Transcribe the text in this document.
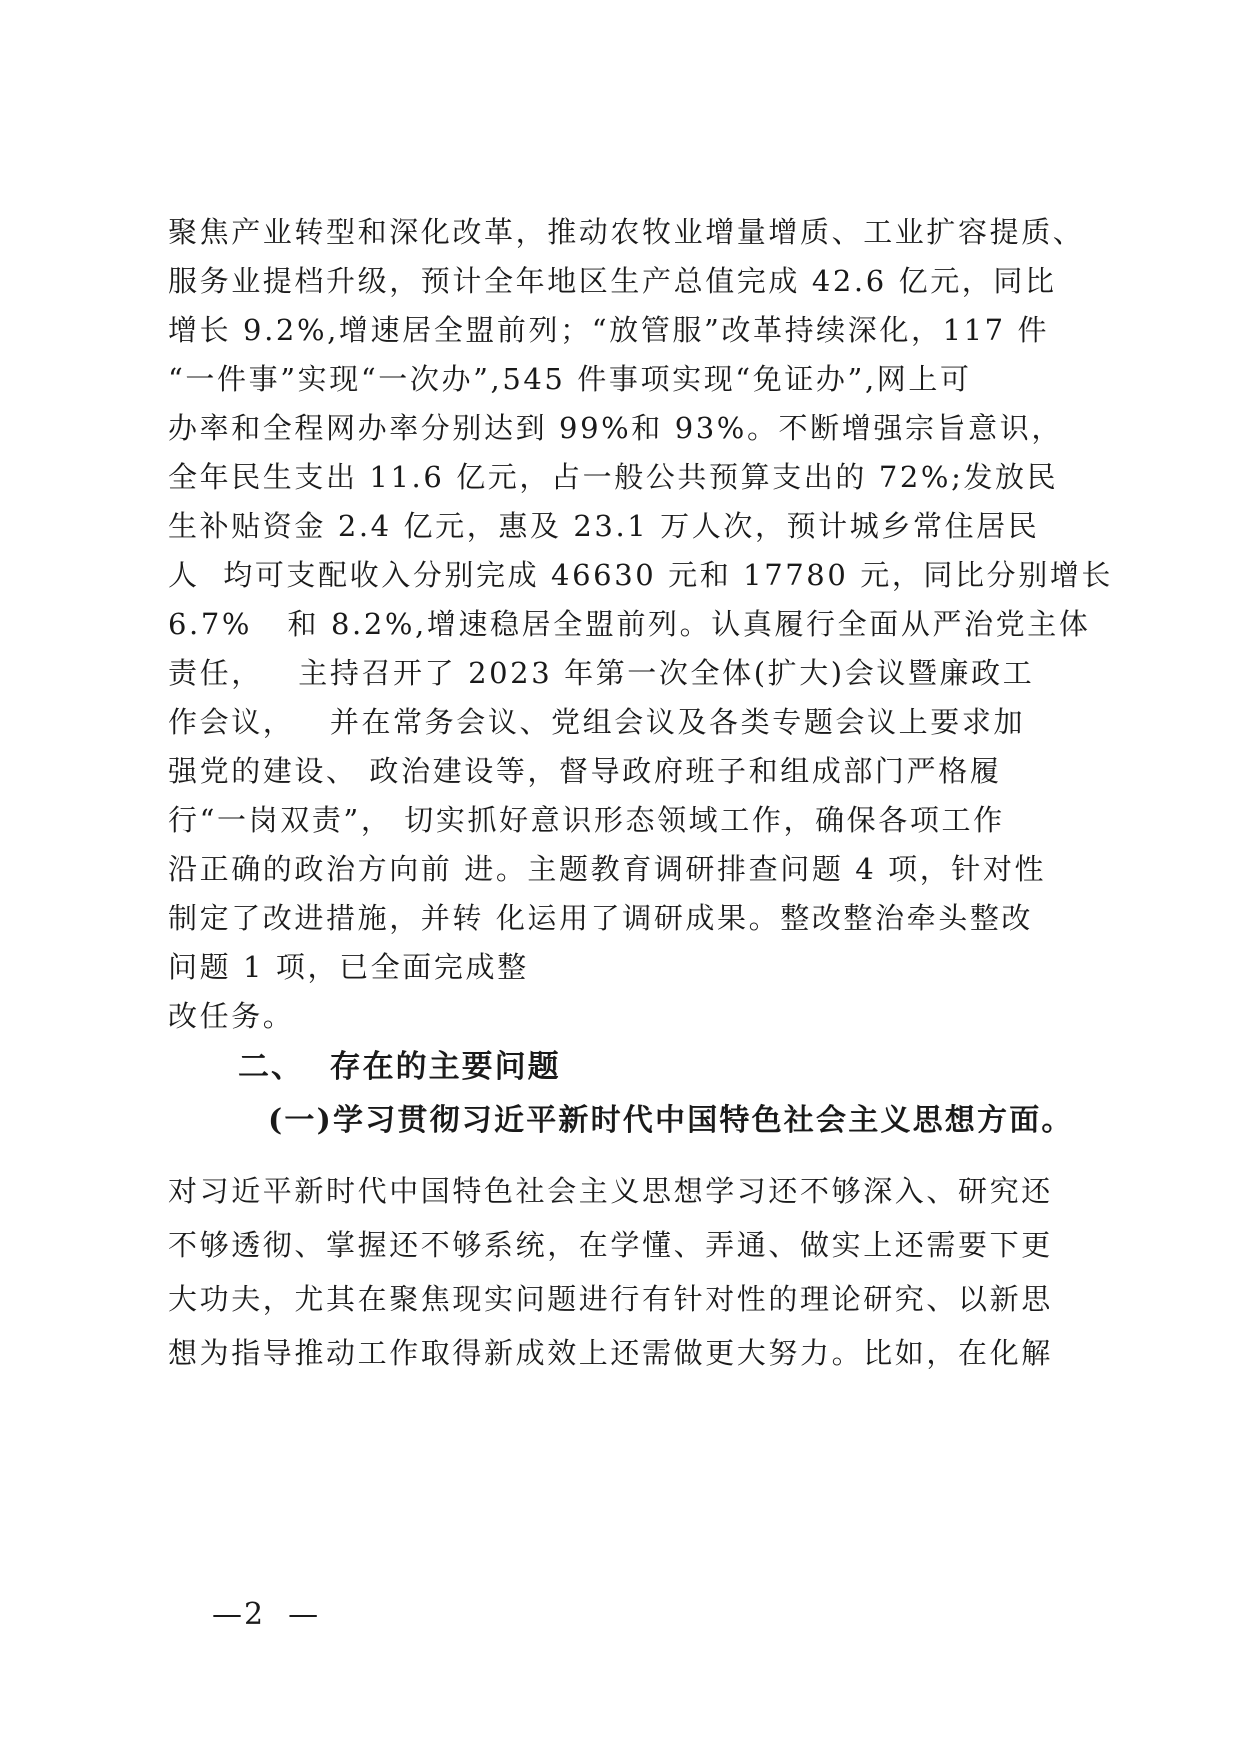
聚焦产业转型和深化改革，推动农牧业增量增质、工业扩容提质、
服务业提档升级，预计全年地区生产总值完成 42.6 亿元，同比
增长 9.2%,增速居全盟前列；“放管服”改革持续深化，117 件
“一件事”实现“一次办”,545 件事项实现“免证办”,网上可
办率和全程网办率分别达到 99%和 93%。不断增强宗旨意识，
全年民生支出 11.6 亿元，占一般公共预算支出的 72%;发放民
生补贴资金 2.4 亿元，惠及 23.1 万人次，预计城乡常住居民
人  均可支配收入分别完成 46630 元和 17780 元，同比分别增长
6.7%   和 8.2%,增速稳居全盟前列。认真履行全面从严治党主体
责任，   主持召开了 2023 年第一次全体(扩大)会议暨廉政工
作会议，   并在常务会议、党组会议及各类专题会议上要求加
强党的建设、 政治建设等，督导政府班子和组成部门严格履
行“一岗双责”， 切实抓好意识形态领域工作，确保各项工作
沿正确的政治方向前 进。主题教育调研排查问题 4 项，针对性
制定了改进措施，并转 化运用了调研成果。整改整治牵头整改
问题 1 项，已全面完成整
改任务。
二、  存在的主要问题
(一)学习贯彻习近平新时代中国特色社会主义思想方面。
对习近平新时代中国特色社会主义思想学习还不够深入、研究还
不够透彻、掌握还不够系统，在学懂、弄通、做实上还需要下更
大功夫，尤其在聚焦现实问题进行有针对性的理论研究、以新思
想为指导推动工作取得新成效上还需做更大努力。比如，在化解
—2  —
